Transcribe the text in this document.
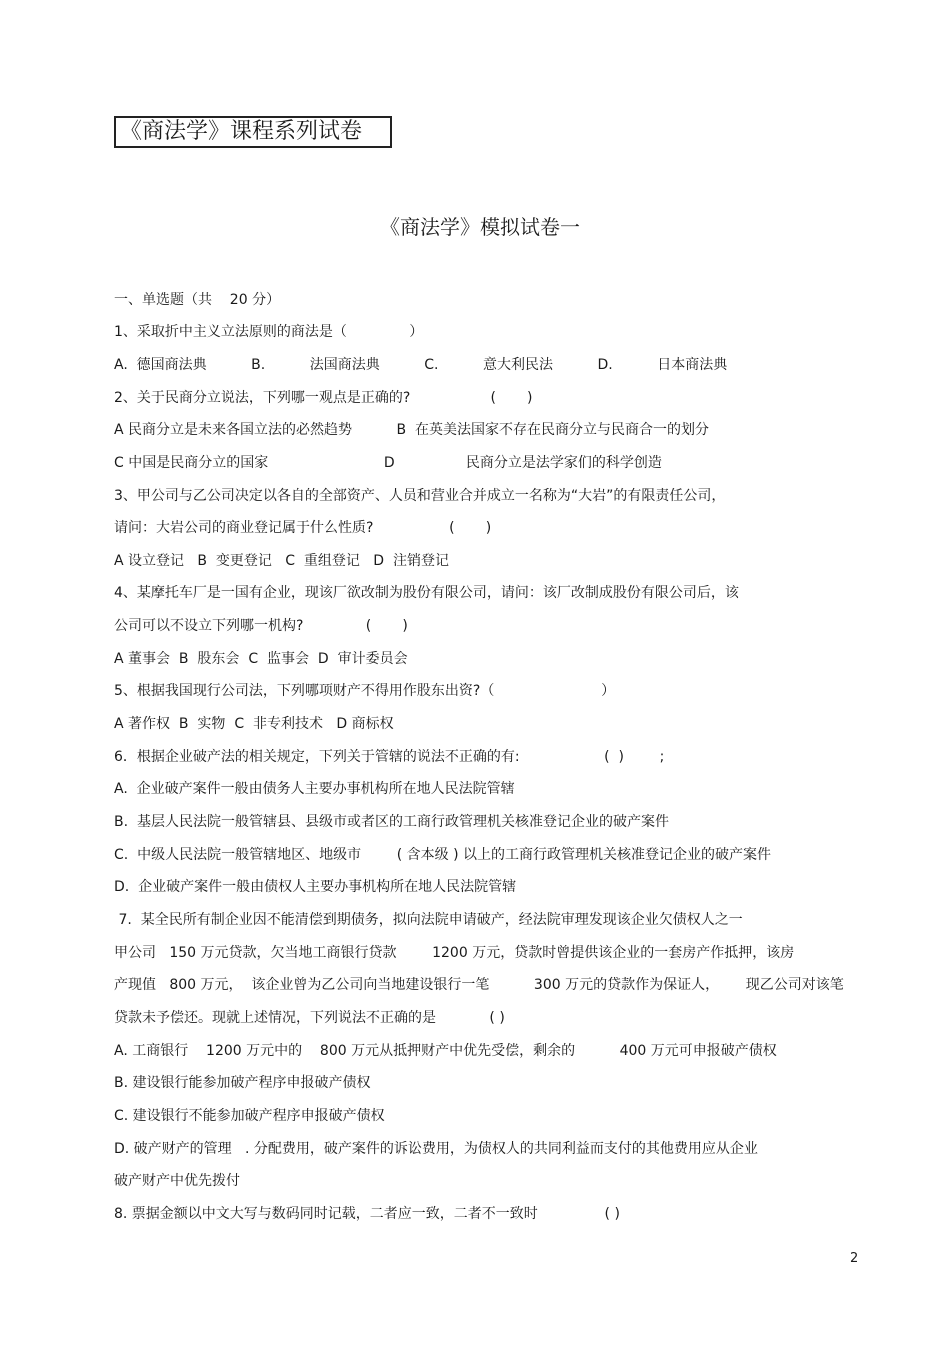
《商法学》课程系列试卷
《商法学》模拟试卷一
一、单选题（共    20 分）
1、采取折中主义立法原则的商法是（              ）
A.  德国商法典          B.          法国商法典          C.          意大利民法          D.          日本商法典
2、关于民商分立说法，下列哪一观点是正确的?                  (       )
A 民商分立是未来各国立法的必然趋势          B  在英美法国家不存在民商分立与民商合一的划分
C 中国是民商分立的国家                          D                民商分立是法学家们的科学创造
3、甲公司与乙公司决定以各自的全部资产、人员和营业合并成立一名称为“大岩”的有限责任公司，
请问：大岩公司的商业登记属于什么性质?                 (       )
A 设立登记   B  变更登记   C  重组登记   D  注销登记
4、某摩托车厂是一国有企业，现该厂欲改制为股份有限公司，请问：该厂改制成股份有限公司后，该
公司可以不设立下列哪一机构?              (       )
A 董事会  B  股东会  C  监事会  D  审计委员会
5、根据我国现行公司法，下列哪项财产不得用作股东出资?（                        ）
A 著作权  B  实物  C  非专利技术   D 商标权
6．根据企业破产法的相关规定，下列关于管辖的说法不正确的有:                   (  )        ;
A.  企业破产案件一般由债务人主要办事机构所在地人民法院管辖
B.  基层人民法院一般管辖县、县级市或者区的工商行政管理机关核准登记企业的破产案件
C.  中级人民法院一般管辖地区、地级市        ( 含本级 ) 以上的工商行政管理机关核准登记企业的破产案件
D.  企业破产案件一般由债权人主要办事机构所在地人民法院管辖
7.  某全民所有制企业因不能清偿到期债务，拟向法院申请破产，经法院审理发现该企业欠债权人之一
甲公司   150 万元贷款，欠当地工商银行贷款        1200 万元，贷款时曾提供该企业的一套房产作抵押，该房
产现值   800 万元，  该企业曾为乙公司向当地建设银行一笔          300 万元的贷款作为保证人，      现乙公司对该笔
贷款未予偿还。现就上述情况，下列说法不正确的是            ( )
A. 工商银行    1200 万元中的    800 万元从抵押财产中优先受偿，剩余的          400 万元可申报破产债权
B. 建设银行能参加破产程序申报破产债权
C. 建设银行不能参加破产程序申报破产债权
D. 破产财产的管理   . 分配费用，破产案件的诉讼费用，为债权人的共同利益而支付的其他费用应从企业
破产财产中优先拨付
8. 票据金额以中文大写与数码同时记载，二者应一致，二者不一致时               ( )
2
